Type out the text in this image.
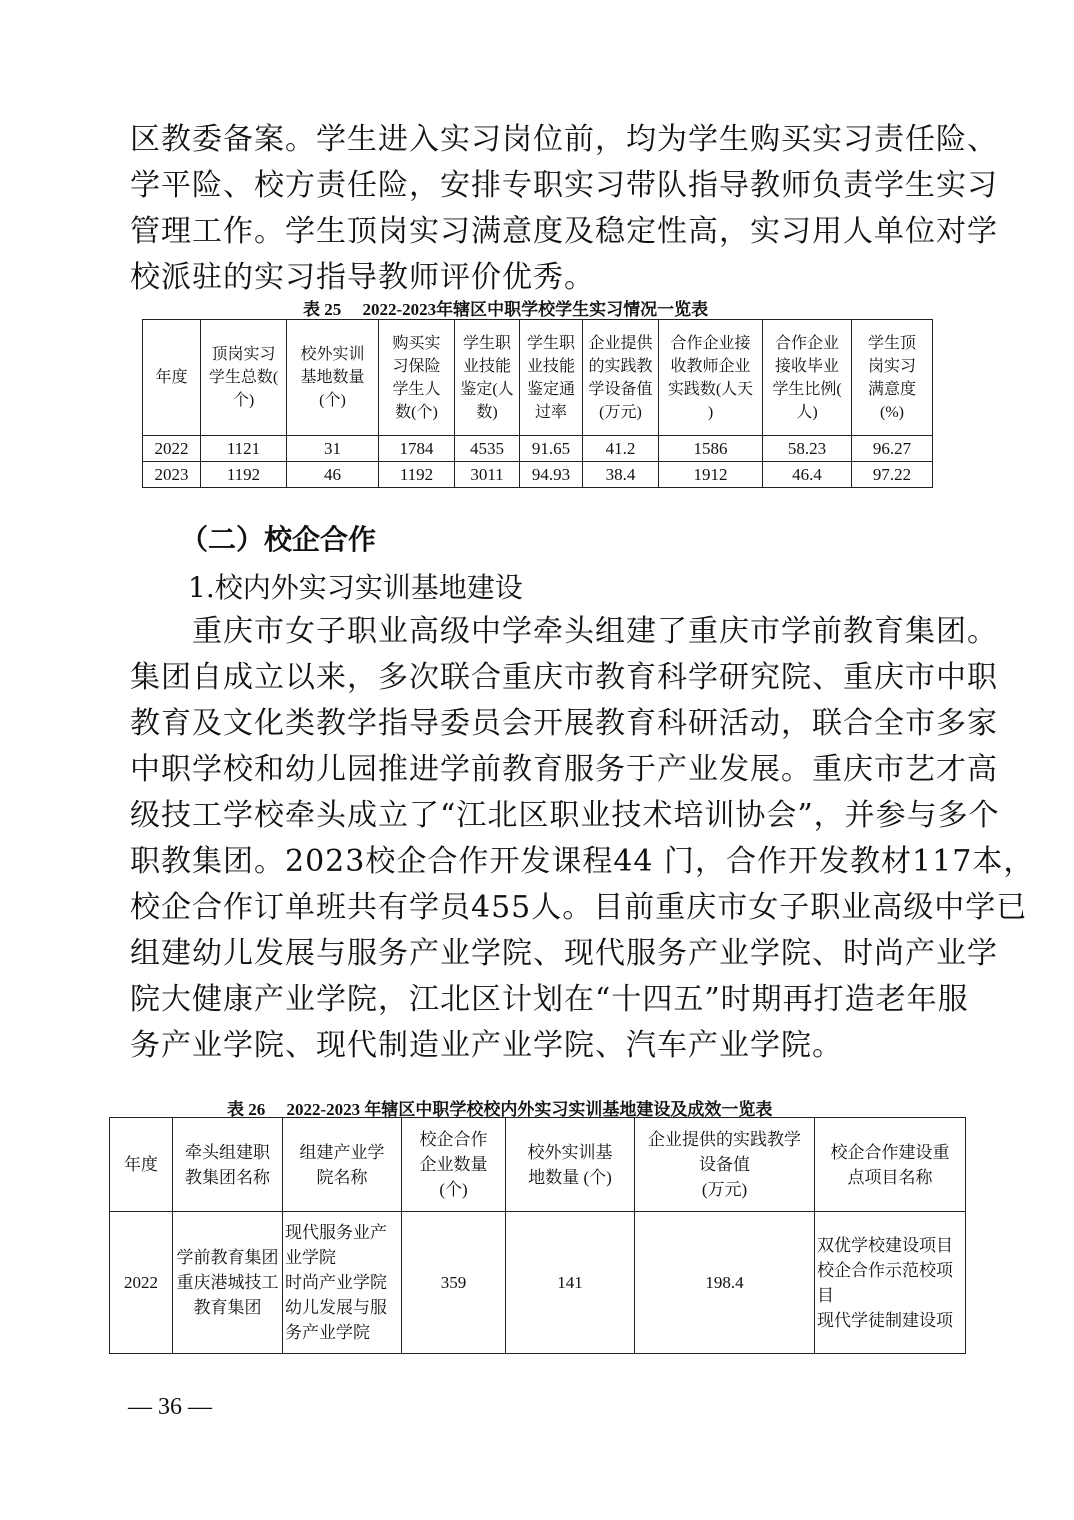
区教委备案。学生进入实习岗位前，均为学生购买实习责任险、
学平险、校方责任险，安排专职实习带队指导教师负责学生实习
管理工作。学生顶岗实习满意度及稳定性高，实习用人单位对学
校派驻的实习指导教师评价优秀。
表 25　 2022-2023年辖区中职学校学生实习情况一览表
年度	顶岗实习
学生总数(
个)	校外实训
基地数量
(个)	购买实
习保险
学生人
数(个)	学生职
业技能
鉴定(人
数)	学生职
业技能
鉴定通
过率	企业提供
的实践教
学设备值
(万元)	合作企业接
收教师企业
实践数(人天
)	合作企业
接收毕业
学生比例(
人)	学生顶
岗实习
满意度
(%)

2022	1121	31	1784	4535	91.65	41.2	1586	58.23	96.27
2023	1192	46	1192	3011	94.93	38.4	1912	46.4	97.22
（二）校企合作
1.校内外实习实训基地建设
　　重庆市女子职业高级中学牵头组建了重庆市学前教育集团。
集团自成立以来，多次联合重庆市教育科学研究院、重庆市中职
教育及文化类教学指导委员会开展教育科研活动，联合全市多家
中职学校和幼儿园推进学前教育服务于产业发展。重庆市艺才高
级技工学校牵头成立了“江北区职业技术培训协会”，并参与多个
职教集团。2023校企合作开发课程44 门，合作开发教材117本，
校企合作订单班共有学员455人。目前重庆市女子职业高级中学已
组建幼儿发展与服务产业学院、现代服务产业学院、时尚产业学
院大健康产业学院，江北区计划在“十四五”时期再打造老年服
务产业学院、现代制造业产业学院、汽车产业学院。
表 26　 2022-2023 年辖区中职学校校内外实习实训基地建设及成效一览表
年度	牵头组建职
教集团名称	组建产业学
院名称	校企合作
企业数量
(个)	校外实训基
地数量 (个)	企业提供的实践教学
设备值
(万元)	校企合作建设重
点项目名称

2022	学前教育集团
重庆港城技工
教育集团	现代服务业产
业学院
时尚产业学院
幼儿发展与服
务产业学院	359	141	198.4	双优学校建设项目
校企合作示范校项
目
现代学徒制建设项
— 36 —
